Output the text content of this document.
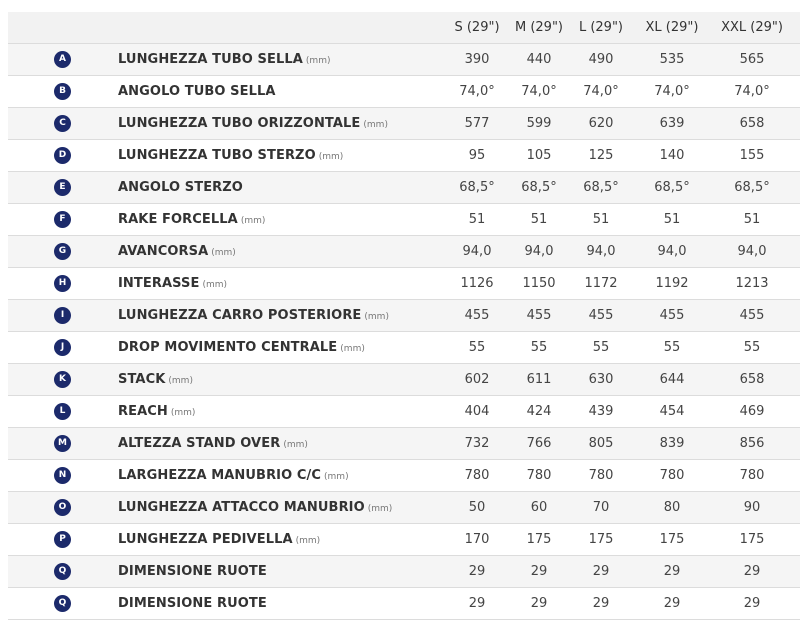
		S (29")	M (29")	L (29")	XL (29")	XXL (29")	
A	LUNGHEZZA TUBO SELLA (mm)	390	440	490	535	565	
B	ANGOLO TUBO SELLA	74,0°	74,0°	74,0°	74,0°	74,0°	
C	LUNGHEZZA TUBO ORIZZONTALE (mm)	577	599	620	639	658	
D	LUNGHEZZA TUBO STERZO (mm)	95	105	125	140	155	
E	ANGOLO STERZO	68,5°	68,5°	68,5°	68,5°	68,5°	
F	RAKE FORCELLA (mm)	51	51	51	51	51	
G	AVANCORSA (mm)	94,0	94,0	94,0	94,0	94,0	
H	INTERASSE (mm)	1126	1150	1172	1192	1213	
I	LUNGHEZZA CARRO POSTERIORE (mm)	455	455	455	455	455	
J	DROP MOVIMENTO CENTRALE (mm)	55	55	55	55	55	
K	STACK (mm)	602	611	630	644	658	
L	REACH (mm)	404	424	439	454	469	
M	ALTEZZA STAND OVER (mm)	732	766	805	839	856	
N	LARGHEZZA MANUBRIO C/C (mm)	780	780	780	780	780	
O	LUNGHEZZA ATTACCO MANUBRIO (mm)	50	60	70	80	90	
P	LUNGHEZZA PEDIVELLA (mm)	170	175	175	175	175	
Q	DIMENSIONE RUOTE	29	29	29	29	29	
Q	DIMENSIONE RUOTE	29	29	29	29	29	
